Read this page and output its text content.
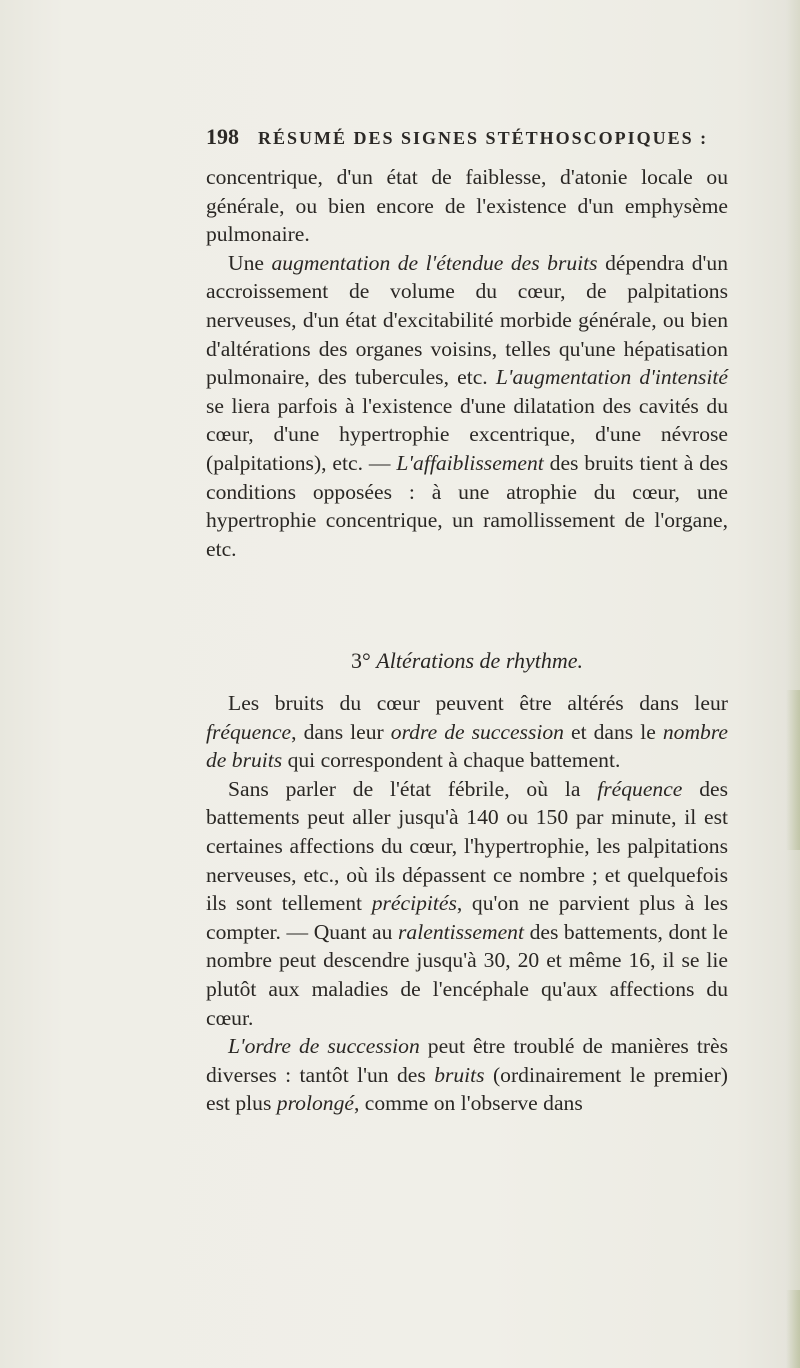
198 RÉSUMÉ DES SIGNES STÉTHOSCOPIQUES :

concentrique, d'un état de faiblesse, d'atonie locale ou générale, ou bien encore de l'existence d'un emphysème pulmonaire.

Une augmentation de l'étendue des bruits dépendra d'un accroissement de volume du cœur, de palpitations nerveuses, d'un état d'excitabilité morbide générale, ou bien d'altérations des organes voisins, telles qu'une hépatisation pulmonaire, des tubercules, etc. L'augmentation d'intensité se liera parfois à l'existence d'une dilatation des cavités du cœur, d'une hypertrophie excentrique, d'une névrose (palpitations), etc. — L'affaiblissement des bruits tient à des conditions opposées : à une atrophie du cœur, une hypertrophie concentrique, un ramollissement de l'organe, etc.

3° Altérations de rhythme.

Les bruits du cœur peuvent être altérés dans leur fréquence, dans leur ordre de succession et dans le nombre de bruits qui correspondent à chaque battement.

Sans parler de l'état fébrile, où la fréquence des battements peut aller jusqu'à 140 ou 150 par minute, il est certaines affections du cœur, l'hypertrophie, les palpitations nerveuses, etc., où ils dépassent ce nombre ; et quelquefois ils sont tellement précipités, qu'on ne parvient plus à les compter. — Quant au ralentissement des battements, dont le nombre peut descendre jusqu'à 30, 20 et même 16, il se lie plutôt aux maladies de l'encéphale qu'aux affections du cœur.

L'ordre de succession peut être troublé de manières très diverses : tantôt l'un des bruits (ordinairement le premier) est plus prolongé, comme on l'observe dans
